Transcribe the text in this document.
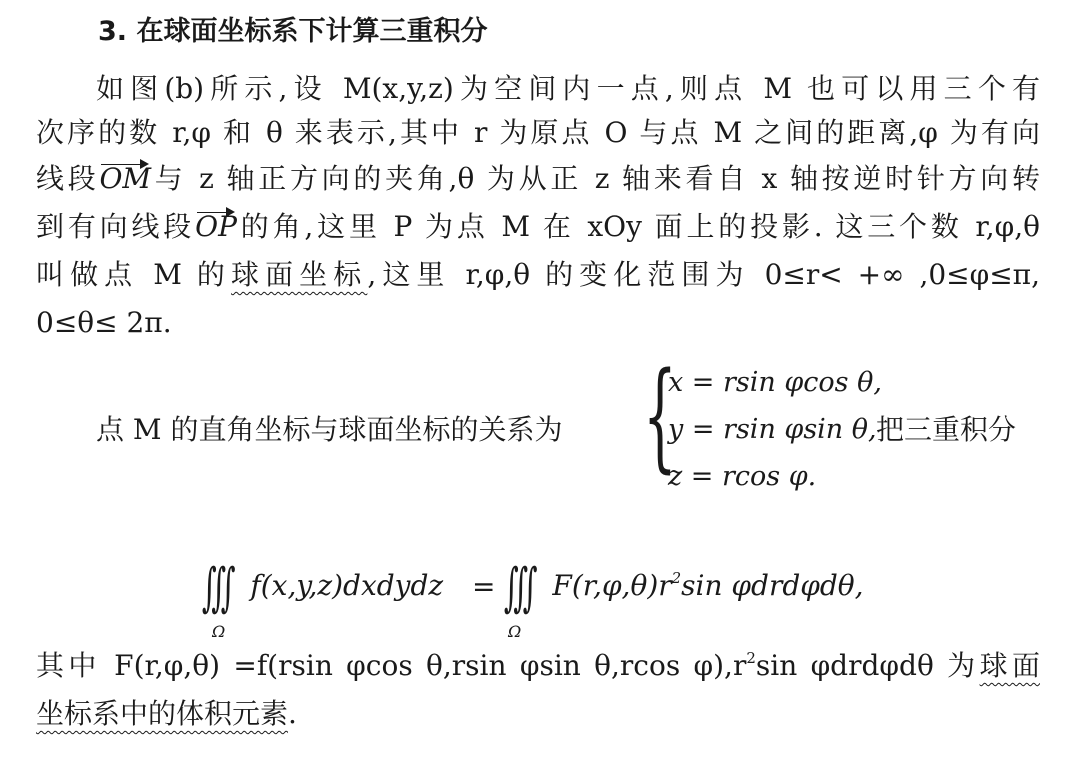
3. 在球面坐标系下计算三重积分
如图(b)所示,设 M(x,y,z)为空间内一点,则点 M 也可以用三个有
次序的数 r,φ 和 θ 来表示,其中 r 为原点 O 与点 M 之间的距离,φ 为有向
线段OM与 z 轴正方向的夹角,θ 为从正 z 轴来看自 x 轴按逆时针方向转
到有向线段OP的角,这里 P 为点 M 在 xOy 面上的投影. 这三个数 r,φ,θ
叫做点 M 的球面坐标,这里 r,φ,θ 的变化范围为 0≤r< +∞ ,0≤φ≤π,
0≤θ≤ 2π.
点 M 的直角坐标与球面坐标的关系为 {
x = rsin φcos θ,
y = rsin φsin θ,
z = rcos φ.
把三重积分
∭ f(x,y,z)dxdydz
Ω
= ∭ $F(r,\varphi,\theta)r^2\sin$ φdrdφdθ,
Ω
其中 F(r,φ,θ) =f(rsin φcos θ,rsin φsin θ,rcos $\varphi),r^2\sin$ φdrdφdθ 为球面
坐标系中的体积元素.
